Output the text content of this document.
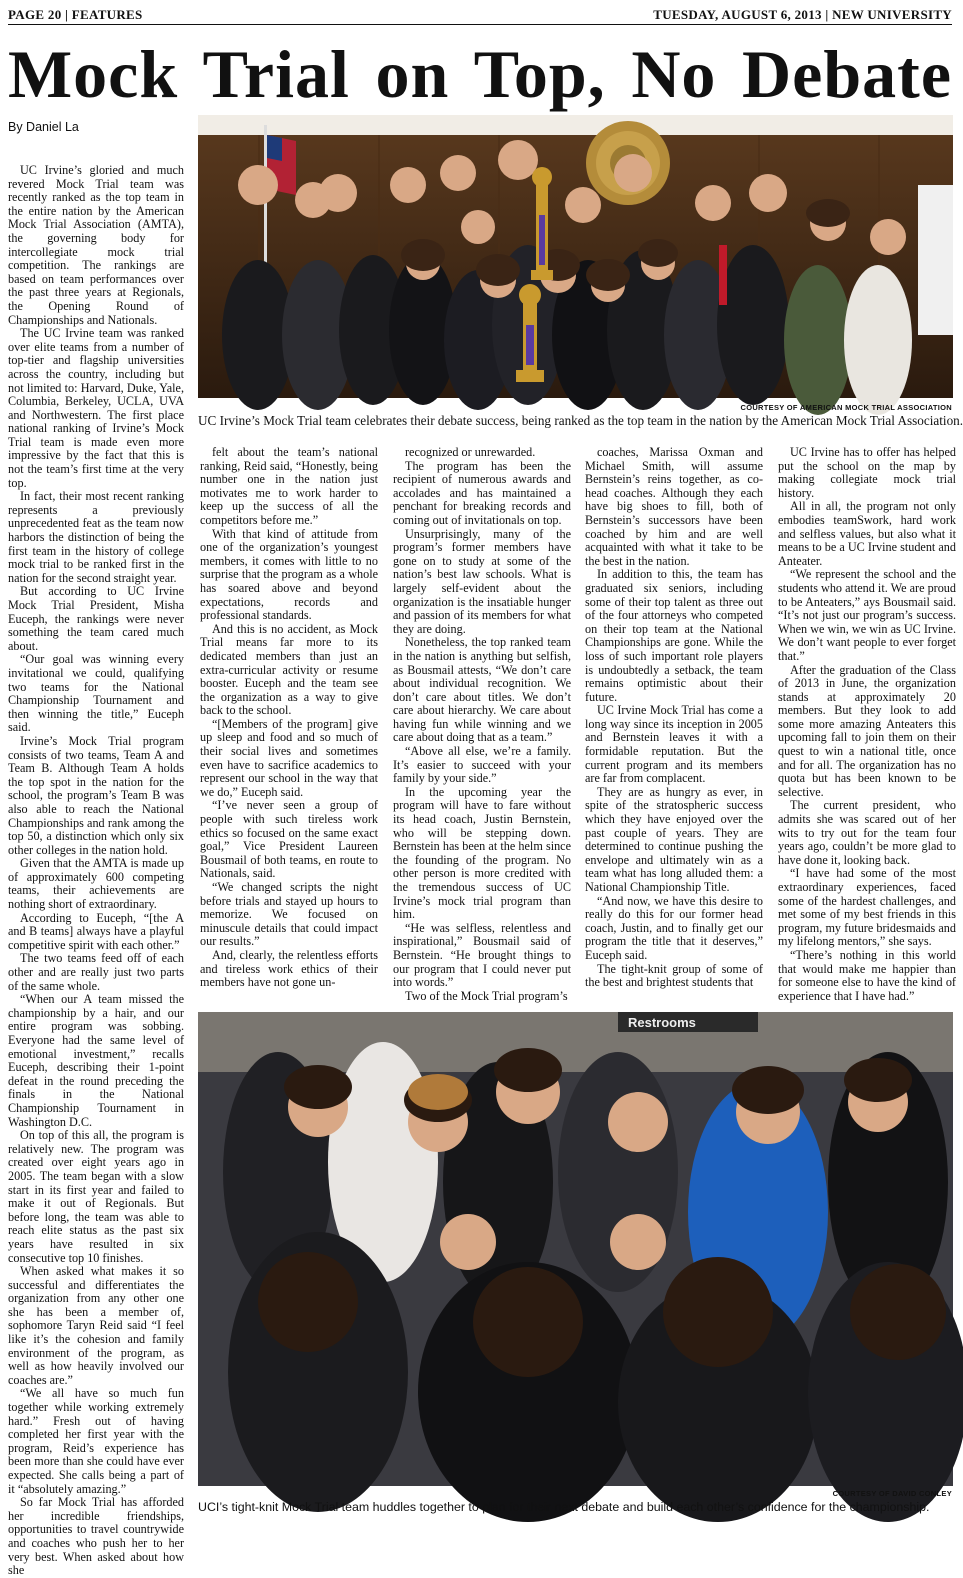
PAGE 20 | FEATURES	TUESDAY, AUGUST 6, 2013 | NEW UNIVERSITY
Mock Trial on Top, No Debate
By Daniel La

UC Irvine’s gloried and much revered Mock Trial team was recently ranked as the top team in the entire nation by the American Mock Trial Association (AMTA), the governing body for intercollegiate mock trial competition. The rankings are based on team performances over the past three years at Regionals, the Opening Round of Championships and Nationals.

The UC Irvine team was ranked over elite teams from a number of top-tier and flagship universities across the country, including but not limited to: Harvard, Duke, Yale, Columbia, Berkeley, UCLA, UVA and Northwestern. The first place national ranking of Irvine’s Mock Trial team is made even more impressive by the fact that this is not the team’s first time at the very top.

In fact, their most recent ranking represents a previously unprecedented feat as the team now harbors the distinction of being the first team in the history of college mock trial to be ranked first in the nation for the second straight year.

But according to UC Irvine Mock Trial President, Misha Euceph, the rankings were never something the team cared much about.

“Our goal was winning every invitational we could, qualifying two teams for the National Championship Tournament and then winning the title,” Euceph said.

Irvine’s Mock Trial program consists of two teams, Team A and Team B. Although Team A holds the top spot in the nation for the school, the program’s Team B was also able to reach the National Championships and rank among the top 50, a distinction which only six other colleges in the nation hold.

Given that the AMTA is made up of approximately 600 competing teams, their achievements are nothing short of extraordinary.

According to Euceph, “[the A and B teams] always have a playful competitive spirit with each other.”

The two teams feed off of each other and are really just two parts of the same whole.

“When our A team missed the championship by a hair, and our entire program was sobbing. Everyone had the same level of emotional investment,” recalls Euceph, describing their 1-point defeat in the round preceding the finals in the National Championship Tournament in Washington D.C.

On top of this all, the program is relatively new. The program was created over eight years ago in 2005. The team began with a slow start in its first year and failed to make it out of Regionals. But before long, the team was able to reach elite status as the past six years have resulted in six consecutive top 10 finishes.

When asked what makes it so successful and differentiates the organization from any other one she has been a member of, sophomore Taryn Reid said “I feel like it’s the cohesion and family environment of the program, as well as how heavily involved our coaches are.”

“We all have so much fun together while working extremely hard.” Fresh out of having completed her first year with the program, Reid’s experience has been more than she could have ever expected. She calls being a part of it “absolutely amazing.”

So far Mock Trial has afforded her incredible friendships, opportunities to travel countrywide and coaches who push her to her very best. When asked about how she

COURTESY OF AMERICAN MOCK TRIAL ASSOCIATION
UC Irvine’s Mock Trial team celebrates their debate success, being ranked as the top team in the nation by the American Mock Trial Association.

felt about the team’s national ranking, Reid said, “Honestly, being number one in the nation just motivates me to work harder to keep up the success of all the competitors before me.”

With that kind of attitude from one of the organization’s youngest members, it comes with little to no surprise that the program as a whole has soared above and beyond expectations, records and professional standards.

And this is no accident, as Mock Trial means far more to its dedicated members than just an extra-curricular activity or resume booster. Euceph and the team see the organization as a way to give back to the school.

“[Members of the program] give up sleep and food and so much of their social lives and sometimes even have to sacrifice academics to represent our school in the way that we do,” Euceph said.

“I’ve never seen a group of people with such tireless work ethics so focused on the same exact goal,” Vice President Laureen Bousmail of both teams, en route to Nationals, said.

“We changed scripts the night before trials and stayed up hours to memorize. We focused on minuscule details that could impact our results.”

And, clearly, the relentless efforts and tireless work ethics of their members have not gone un-

recognized or unrewarded.

The program has been the recipient of numerous awards and accolades and has maintained a penchant for breaking records and coming out of invitationals on top.

Unsurprisingly, many of the program’s former members have gone on to study at some of the nation’s best law schools. What is largely self-evident about the organization is the insatiable hunger and passion of its members for what they are doing.

Nonetheless, the top ranked team in the nation is anything but selfish, as Bousmail attests, “We don’t care about individual recognition. We don’t care about titles. We don’t care about hierarchy. We care about having fun while winning and we care about doing that as a team.”

“Above all else, we’re a family. It’s easier to succeed with your family by your side.”

In the upcoming year the program will have to fare without its head coach, Justin Bernstein, who will be stepping down. Bernstein has been at the helm since the founding of the program. No other person is more credited with the tremendous success of UC Irvine’s mock trial program than him.

“He was selfless, relentless and inspirational,” Bousmail said of Bernstein. “He brought things to our program that I could never put into words.”

Two of the Mock Trial program’s

coaches, Marissa Oxman and Michael Smith, will assume Bernstein’s reins together, as co-head coaches. Although they each have big shoes to fill, both of Bernstein’s successors have been coached by him and are well acquainted with what it take to be the best in the nation.

In addition to this, the team has graduated six seniors, including some of their top talent as three out of the four attorneys who competed on their top team at the National Championships are gone. While the loss of such important role players is undoubtedly a setback, the team remains optimistic about their future.

UC Irvine Mock Trial has come a long way since its inception in 2005 and Bernstein leaves it with a formidable reputation. But the current program and its members are far from complacent.

They are as hungry as ever, in spite of the stratospheric success which they have enjoyed over the past couple of years. They are determined to continue pushing the envelope and ultimately win as a team what has long alluded them: a National Championship Title.

“And now, we have this desire to really do this for our former head coach, Justin, and to finally get our program the title that it deserves,” Euceph said.

The tight-knit group of some of the best and brightest students that

UC Irvine has to offer has helped put the school on the map by making collegiate mock trial history.

All in all, the program not only embodies teamSwork, hard work and selfless values, but also what it means to be a UC Irvine student and Anteater.

“We represent the school and the students who attend it. We are proud to be Anteaters,” ays Bousmail said. “It’s not just our program’s success. When we win, we win as UC Irvine. We don’t want people to ever forget that.”

After the graduation of the Class of 2013 in June, the organization stands at approximately 20 members. But they look to add some more amazing Anteaters this upcoming fall to join them on their quest to win a national title, once and for all. The organization has no quota but has been known to be selective.

The current president, who admits she was scared out of her wits to try out for the team four years ago, couldn’t be more glad to have done it, looking back.

“I have had some of the most extraordinary experiences, faced some of the hardest challenges, and met some of my best friends in this program, my future bridesmaids and my lifelong mentors,” she says.

“There’s nothing in this world that would make me happier than for someone else to have the kind of experience that I have had.”

Restrooms
COURTESY OF DAVID CONLEY
UCI’s tight-knit Mock Trial team huddles together to plan for their next debate and build each other’s confidence for the championship.
